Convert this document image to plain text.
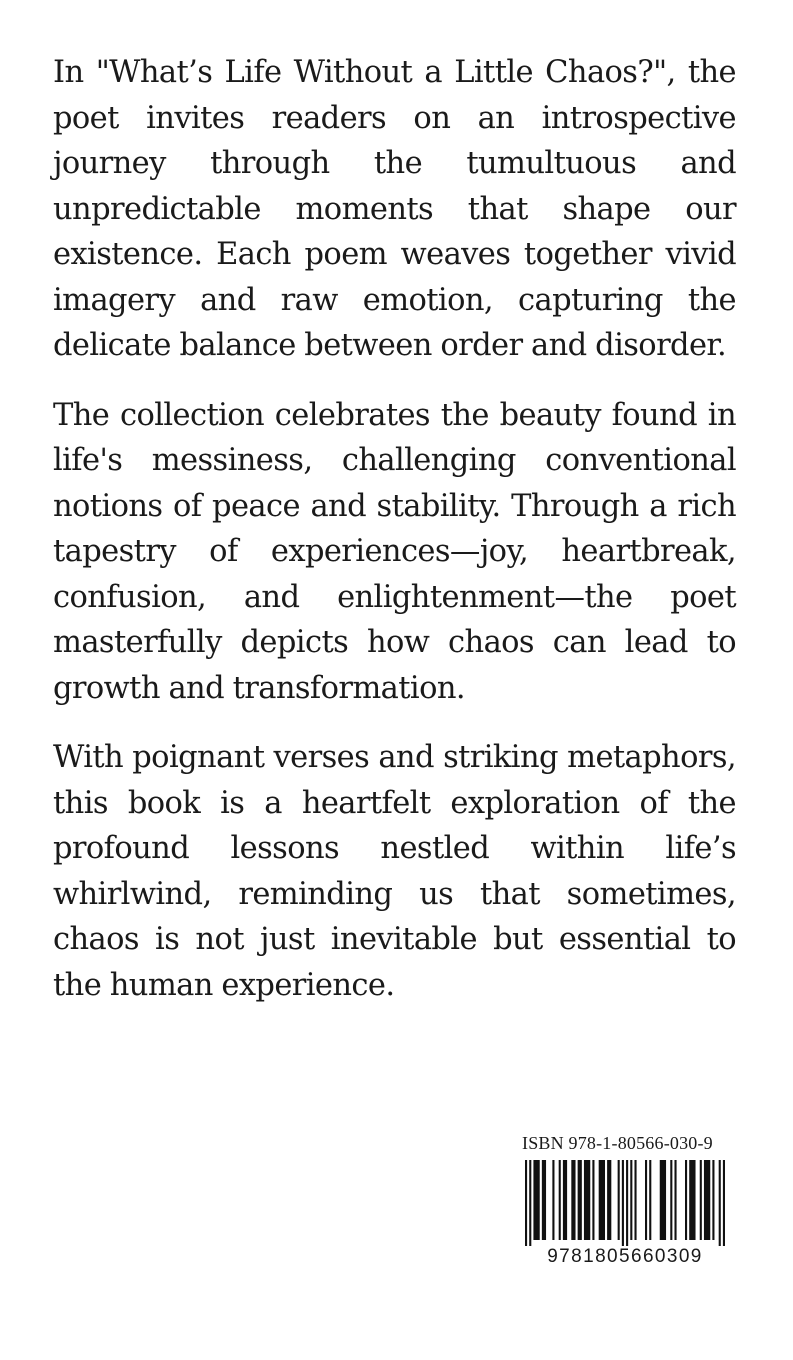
In "What’s Life Without a Little Chaos?", the poet invites readers on an introspective journey through the tumultuous and unpredictable moments that shape our existence. Each poem weaves together vivid imagery and raw emotion, capturing the delicate balance between order and disorder.

The collection celebrates the beauty found in life's messiness, challenging conventional notions of peace and stability. Through a rich tapestry of experiences—joy, heartbreak, confusion, and enlightenment—the poet masterfully depicts how chaos can lead to growth and transformation.

With poignant verses and striking metaphors, this book is a heartfelt exploration of the profound lessons nestled within life’s whirlwind, reminding us that sometimes, chaos is not just inevitable but essential to the human experience.

ISBN 978-1-80566-030-9
9781805660309
